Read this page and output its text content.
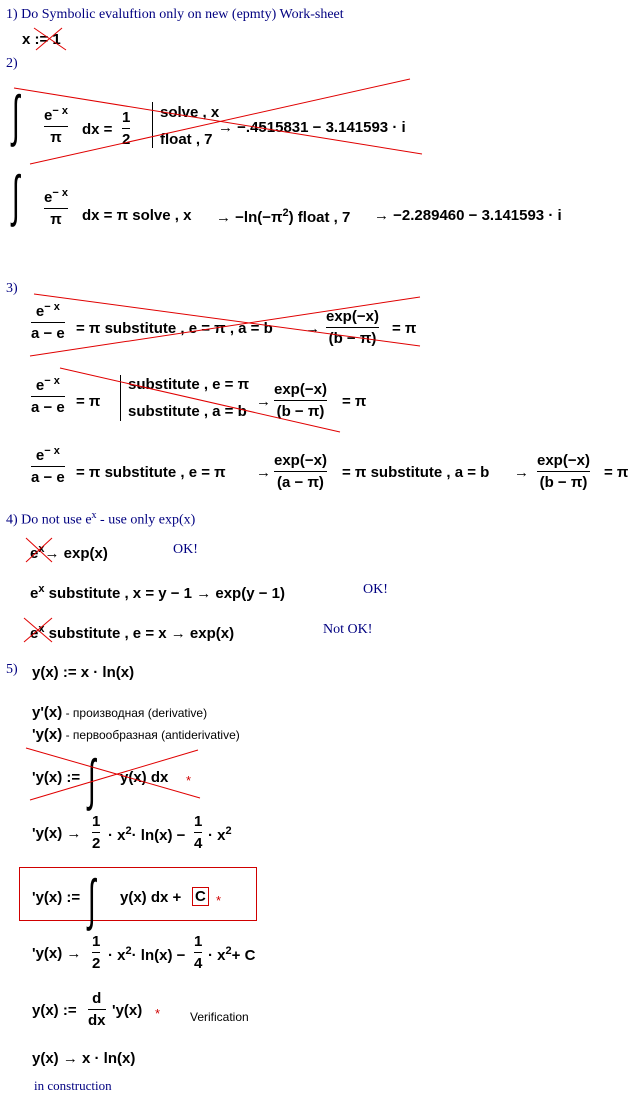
1) Do Symbolic evaluftion only on new (epmty) Work-sheet
x := 1
2)
∫ $e^{- x}$
π dx =
1
2
solve , x
float , 7
→ −.4515831 − 3.141593 · i
∫ $e^{- x}$
π dx = π solve , $x \to -\ln(-\pi^2)$ float , 7 → −2.289460 − 3.141593 · i
3)
$e^{- x}$
a − e = π substitute , e = π , a = b →
exp(−x)
(b − π)
= π
$e^{- x}$
a − e = π
substitute , e = π
substitute , a = b
→
exp(−x)
(b − π)
= π
$e^{- x}$
a − e = π substitute , e = π →
exp(−x)
(a − π)
= π substitute , a = b →
exp(−x)
(b − π)
= π
4) Do not use $e^x$ - use only exp(x)
$e^x\to \exp(x)$	OK!
$e^x$ substitute , x = y − 1 → exp(y − 1)	OK!
$e^x$ substitute , e = x → exp(x)	Not OK!
5) y(x) := x · ln(x)
y'(x) - производная (derivative)
'y(x) - первообразная (antiderivative)
'y(x) := ∫ y(x) dx *
'y(x) →
1
$2 \cdot x^2\cdot \ln(x)$ −
1
$4 \cdot x^2$
'y(x) := ∫ y(x) dx + C *
'y(x) →
1
$2 \cdot x^2\cdot \ln(x)$ −
1
$4 \cdot x^2+ C$
y(x) :=
d
dx
'y(x) * Verification
y(x) → x · ln(x)
in construction
